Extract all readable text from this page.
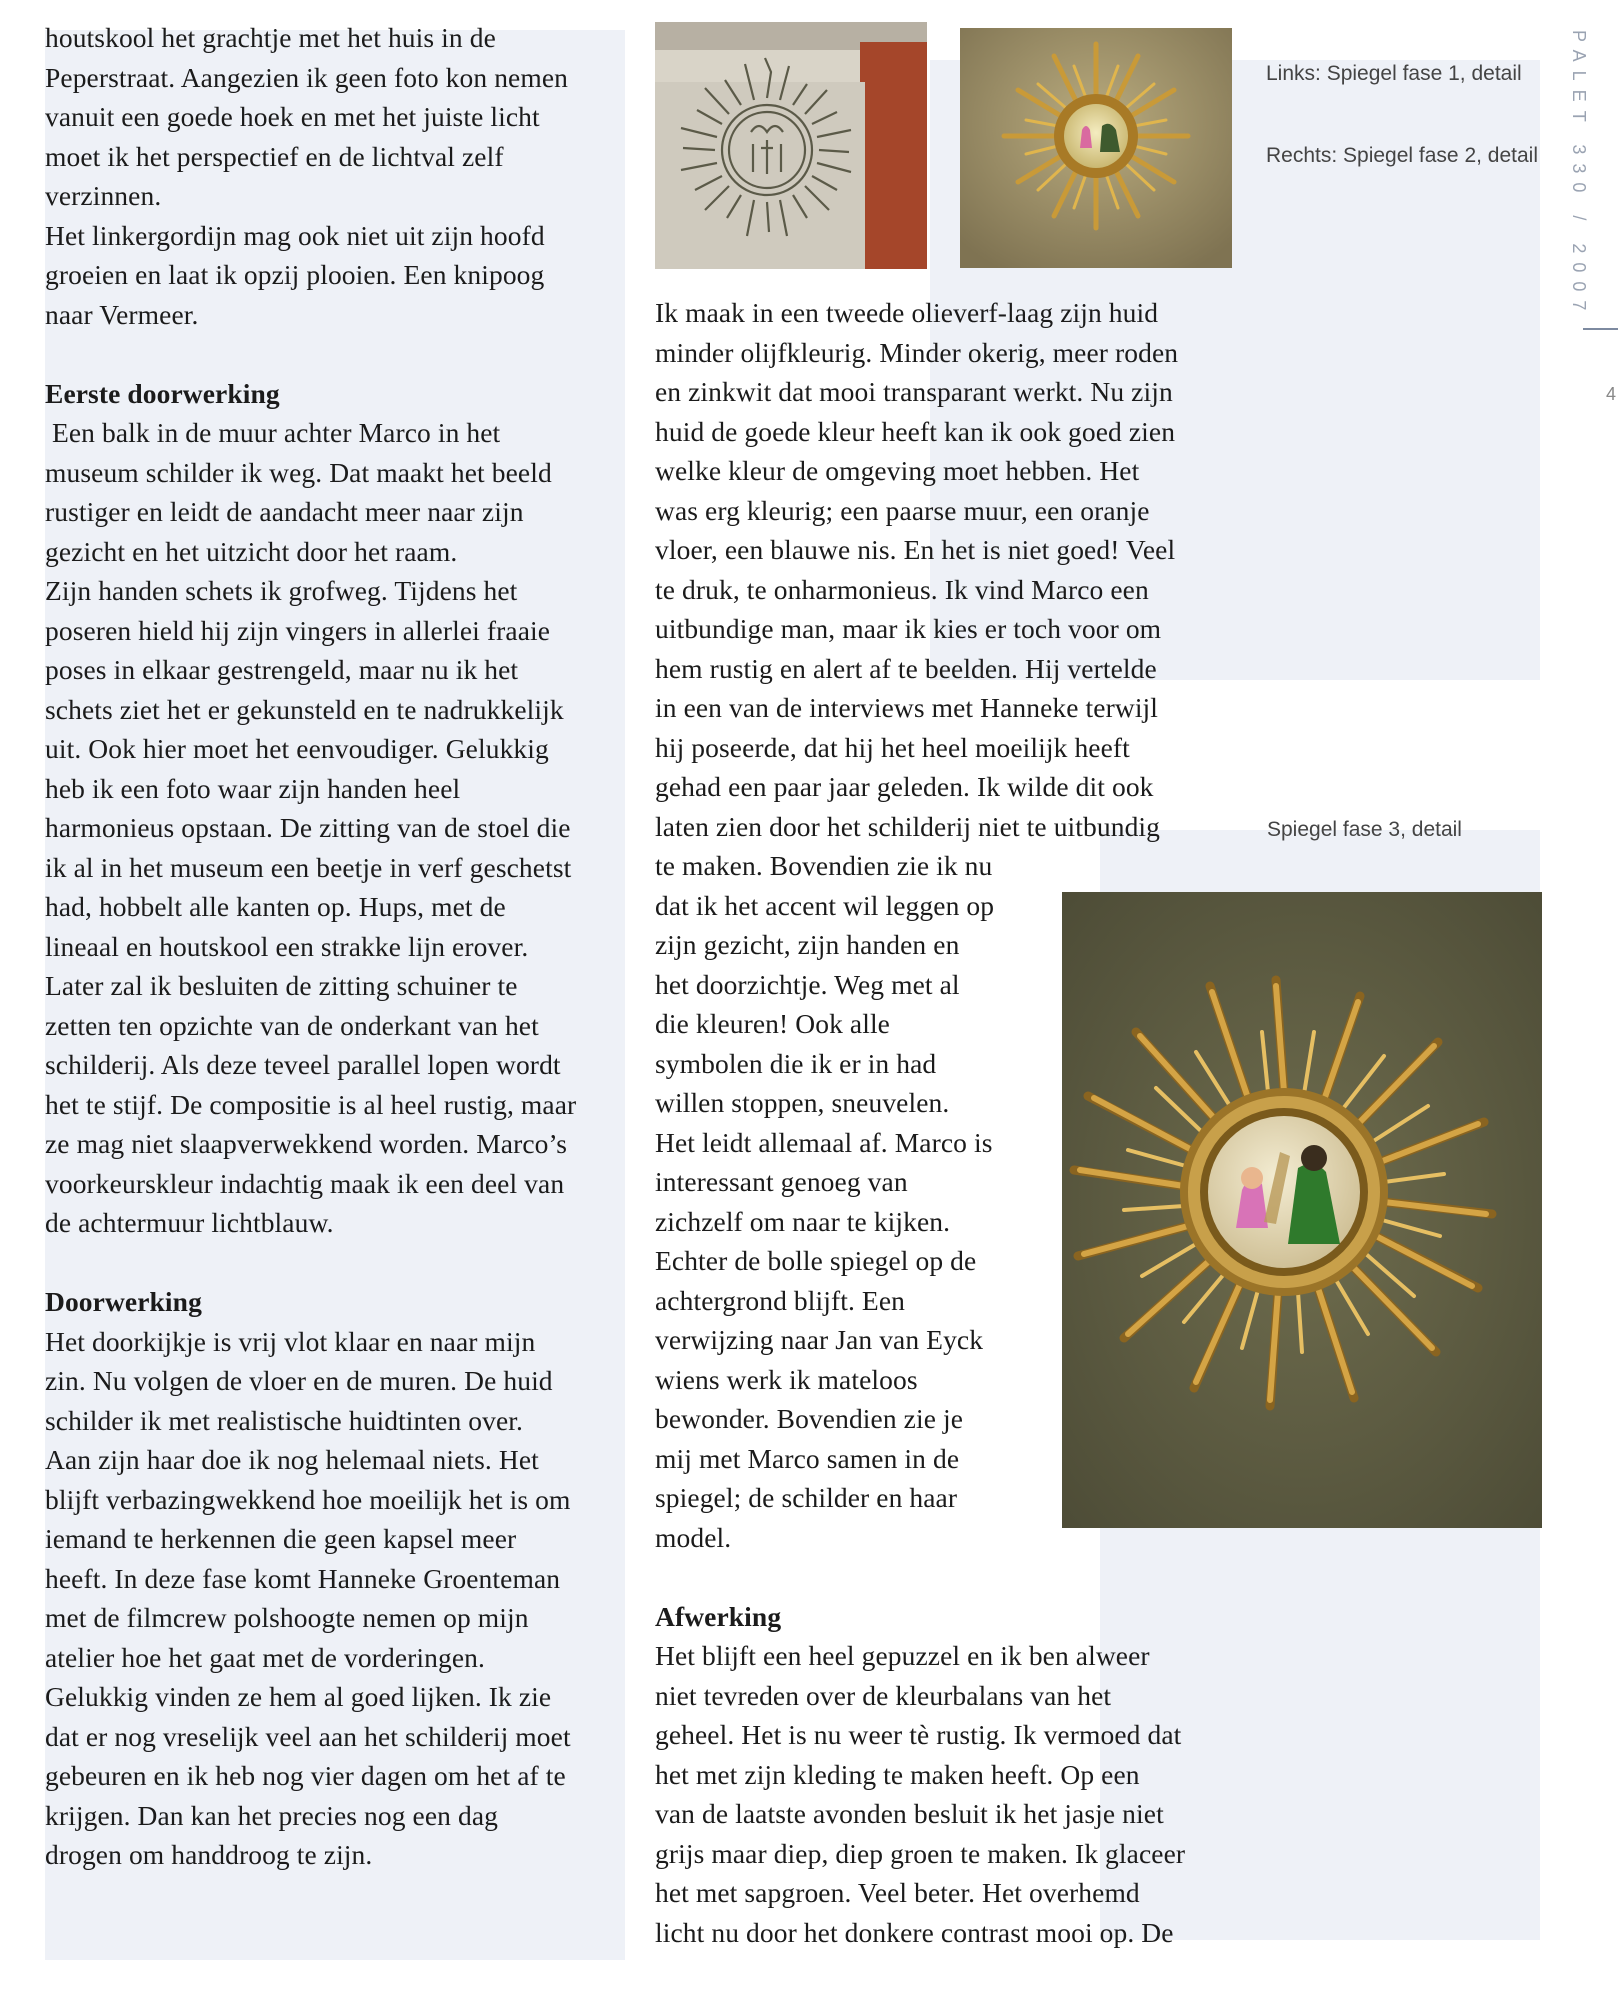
houtskool het grachtje met het huis in de

Peperstraat. Aangezien ik geen foto kon nemen

vanuit een goede hoek en met het juiste licht

moet ik het perspectief en de lichtval zelf

verzinnen.

Het linkergordijn mag ook niet uit zijn hoofd

groeien en laat ik opzij plooien. Een knipoog

naar Vermeer.

Eerste doorwerking

Een balk in de muur achter Marco in het

museum schilder ik weg. Dat maakt het beeld

rustiger en leidt de aandacht meer naar zijn

gezicht en het uitzicht door het raam.

Zijn handen schets ik grofweg. Tijdens het

poseren hield hij zijn vingers in allerlei fraaie

poses in elkaar gestrengeld, maar nu ik het

schets ziet het er gekunsteld en te nadrukkelijk

uit. Ook hier moet het eenvoudiger. Gelukkig

heb ik een foto waar zijn handen heel

harmonieus opstaan. De zitting van de stoel die

ik al in het museum een beetje in verf geschetst

had, hobbelt alle kanten op. Hups, met de

lineaal en houtskool een strakke lijn erover.

Later zal ik besluiten de zitting schuiner te

zetten ten opzichte van de onderkant van het

schilderij. Als deze teveel parallel lopen wordt

het te stijf. De compositie is al heel rustig, maar

ze mag niet slaapverwekkend worden. Marco’s

voorkeurskleur indachtig maak ik een deel van

de achtermuur lichtblauw.

Doorwerking

Het doorkijkje is vrij vlot klaar en naar mijn

zin. Nu volgen de vloer en de muren. De huid

schilder ik met realistische huidtinten over.

Aan zijn haar doe ik nog helemaal niets. Het

blijft verbazingwekkend hoe moeilijk het is om

iemand te herkennen die geen kapsel meer

heeft. In deze fase komt Hanneke Groenteman

met de filmcrew polshoogte nemen op mijn

atelier hoe het gaat met de vorderingen.

Gelukkig vinden ze hem al goed lijken. Ik zie

dat er nog vreselijk veel aan het schilderij moet

gebeuren en ik heb nog vier dagen om het af te

krijgen. Dan kan het precies nog een dag

drogen om handdroog te zijn.

Ik maak in een tweede olieverf-laag zijn huid

minder olijfkleurig. Minder okerig, meer roden

en zinkwit dat mooi transparant werkt. Nu zijn

huid de goede kleur heeft kan ik ook goed zien

welke kleur de omgeving moet hebben. Het

was erg kleurig; een paarse muur, een oranje

vloer, een blauwe nis. En het is niet goed! Veel

te druk, te onharmonieus. Ik vind Marco een

uitbundige man, maar ik kies er toch voor om

hem rustig en alert af te beelden. Hij vertelde

in een van de interviews met Hanneke terwijl

hij poseerde, dat hij het heel moeilijk heeft

gehad een paar jaar geleden. Ik wilde dit ook

laten zien door het schilderij niet te uitbundig

te maken. Bovendien zie ik nu

dat ik het accent wil leggen op

zijn gezicht, zijn handen en

het doorzichtje. Weg met al

die kleuren! Ook alle

symbolen die ik er in had

willen stoppen, sneuvelen.

Het leidt allemaal af. Marco is

interessant genoeg van

zichzelf om naar te kijken.

Echter de bolle spiegel op de

achtergrond blijft. Een

verwijzing naar Jan van Eyck

wiens werk ik mateloos

bewonder. Bovendien zie je

mij met Marco samen in de

spiegel; de schilder en haar

model.

Afwerking

Het blijft een heel gepuzzel en ik ben alweer

niet tevreden over de kleurbalans van het

geheel. Het is nu weer tè rustig. Ik vermoed dat

het met zijn kleding te maken heeft. Op een

van de laatste avonden besluit ik het jasje niet

grijs maar diep, diep groen te maken. Ik glaceer

het met sapgroen. Veel beter. Het overhemd

licht nu door het donkere contrast mooi op. De

Links: Spiegel fase 1, detail
Rechts: Spiegel fase 2, detail
Spiegel fase 3, detail
PALET 330 / 2007
4
